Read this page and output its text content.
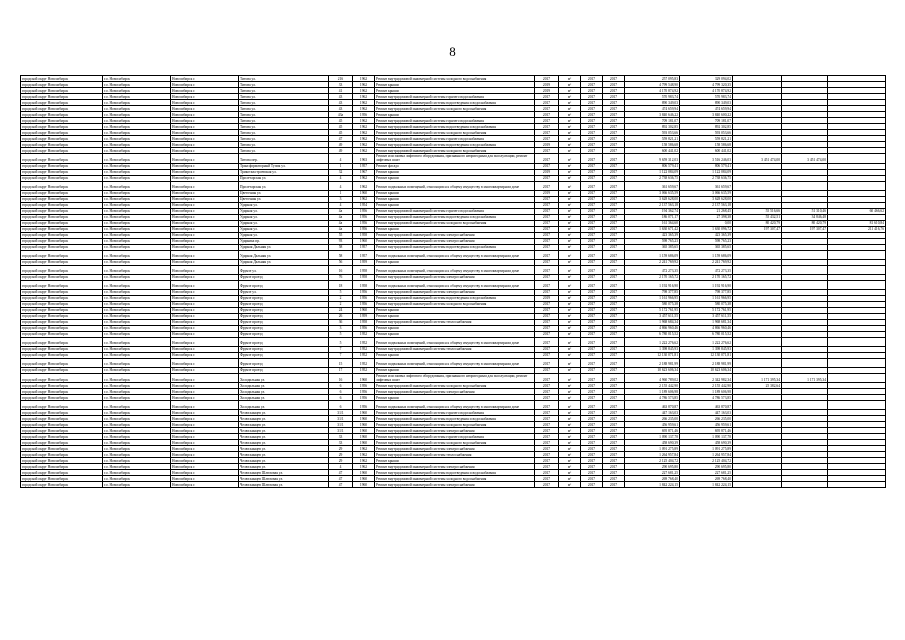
8
городской округ Новосибирск	г.о. Новосибирск	Новосибирск г.	Титова ул.	216	1962	Ремонт внутридомовой инженерной системы холодного водоснабжения	2017	м²	2017	2017	257 095,83	329 094,02			
городской округ Новосибирск	г.о. Новосибирск	Новосибирск г.	Титова ул.	33	1962	Ремонт крыши	2019	м²	2017	2017	4 799 548,90	4 799 320,35			
городской округ Новосибирск	г.о. Новосибирск	Новосибирск г.	Титова ул.	41	1962	Ремонт крыши	2019	м²	2017	2017	4 170 874,92	4 170 874,92			
городской округ Новосибирск	г.о. Новосибирск	Новосибирск г.	Титова ул.	43	1962	Ремонт внутридомовой инженерной системы горячего водоснабжения	2017	м²	2017	2017	570 983,74	570 983,74			
городской округ Новосибирск	г.о. Новосибирск	Новосибирск г.	Титова ул.	43	1962	Ремонт внутридомовой инженерной системы водоотведения и водоснабжения	2017	м²	2017	2017	890 349,03	890 349,03			
городской округ Новосибирск	г.о. Новосибирск	Новосибирск г.	Титова ул.	43	1962	Ремонт внутридомовой инженерной системы холодного водоснабжения	2017	м²	2017	2017	474 659,94	474 659,94			
городской округ Новосибирск	г.о. Новосибирск	Новосибирск г.	Титова ул.	43а	1956	Ремонт крыши	2017	м²	2017	2017	3 840 646,22	3 840 600,22			
городской округ Новосибирск	г.о. Новосибирск	Новосибирск г.	Титова ул.	45	1962	Ремонт внутридомовой инженерной системы горячего водоснабжения	2017	м²	2017	2017	709 181,07	709 181,07			
городской округ Новосибирск	г.о. Новосибирск	Новосибирск г.	Титова ул.	45	1962	Ремонт внутридомовой инженерной системы водоотведения и водоснабжения	2017	м²	2017	2017	892 302,85	892 302,85			
городской округ Новосибирск	г.о. Новосибирск	Новосибирск г.	Титова ул.	45	1962	Ремонт внутридомовой инженерной системы холодного водоснабжения	2017	м²	2017	2017	593 053,66	593 053,66			
городской округ Новосибирск	г.о. Новосибирск	Новосибирск г.	Титова ул.	47	1962	Ремонт внутридомовой инженерной системы горячего водоснабжения	2017	м²	2017	2017	559 821,21	559 821,21			
городской округ Новосибирск	г.о. Новосибирск	Новосибирск г.	Титова ул.	49	1962	Ремонт внутридомовой инженерной системы водоотведения и водоснабжения	2019	м²	2017	2017	158 586,68	158 586,68			
городской округ Новосибирск	г.о. Новосибирск	Новосибирск г.	Титова ул.	49	1962	Ремонт внутридомовой инженерной системы холодного водоснабжения	2017	м²	2017	2017	600 441,02	600 441,02			
городской округ Новосибирск	г.о. Новосибирск	Новосибирск г.	Титова пер.	4	1963	Ремонт или замена лифтового оборудования, признанного непригодным для эксплуатации, ремонт лифтовых шахт	2017	м²	2017	2017	9 659 312,03	3 516 246,03	3 451 474,00	3 451 474,00	
городской округ Новосибирск	г.о. Новосибирск	Новосибирск г.	Трансформаторный Тупик ул.	1	1957	Ремонт фасада	2017	м²	2017	2017	806 579,41	806 579,41			
городской округ Новосибирск	г.о. Новосибирск	Новосибирск г.	Трикотажстроевская ул.	32	1967	Ремонт крыши	2019	м²	2017	2017	1 122 084,09	1 122 084,09			
городской округ Новосибирск	г.о. Новосибирск	Новосибирск г.	Пролетарская ул.	4	1962	Ремонт крыши	2017	м²	2017	2017	2 738 636,75	2 738 636,75			
городской округ Новосибирск	г.о. Новосибирск	Новосибирск г.	Пролетарская ул.	4	1962	Ремонт подвальных помещений, относящихся к общему имуществу в многоквартирном доме	2017	м²	2017	2017	361 659,67	361 659,67			
городской округ Новосибирск	г.о. Новосибирск	Новосибирск г.	Цветочная ул.	1	1960	Ремонт крыши	2019	м²	2017	2017	3 066 635,59	3 066 635,59			
городской округ Новосибирск	г.о. Новосибирск	Новосибирск г.	Цветочная ул.	3	1962	Ремонт крыши	2017	м²	2017	2017	3 628 628,00	3 628 628,00			
городской округ Новосибирск	г.о. Новосибирск	Новосибирск г.	Ударная ул.	4	1954	Ремонт крыши	2017	м²	2017	2017	2 137 563,18	2 137 563,18			
городской округ Новосибирск	г.о. Новосибирск	Новосибирск г.	Ударная ул.	4а	1956	Ремонт внутридомовой инженерной системы горячего водоснабжения	2017	м²	2017	2017	194 362,74	21 268,45	55 516,66	51 310,46	60 466,62
городской округ Новосибирск	г.о. Новосибирск	Новосибирск г.	Ударная ул.	4а	1956	Ремонт внутридомовой инженерной системы водоотведения и водоснабжения	2017	м²	2017	2017	186 071,17	27 398,38	55 432,51	34 846,48	
городской округ Новосибирск	г.о. Новосибирск	Новосибирск г.	Ударная ул.	4а	1956	Ремонт внутридомовой инженерной системы холодного водоснабжения	2017	м²	2017	2017	161 364,60	0,00	80 420,79	80 420,79	81 610,84
городской округ Новосибирск	г.о. Новосибирск	Новосибирск г.	Ударная ул.	4а	1956	Ремонт крыши	2017	м²	2017	2017	1 630 671,42	1 630 096,72	197 307,47	197 307,47	211 416,76
городской округ Новосибирск	г.о. Новосибирск	Новосибирск г.	Ударная ул.	55	1958	Ремонт внутридомовой инженерной системы электроснабжения	2017	м²	2017	2017	423 365,39	423 365,39			
городской округ Новосибирск	г.о. Новосибирск	Новосибирск г.	Ударника пр.	93	1960	Ремонт внутридомовой инженерной системы электроснабжения	2017	м²	2017	2017	598 765,23	598 765,23			
городской округ Новосибирск	г.о. Новосибирск	Новосибирск г.	Ударная Дальняя ул.	58	1957	Ремонт внутридомовой инженерной системы водоотведения и водоснабжения	2017	м²	2017	2017	365 385,65	365 385,65			
городской округ Новосибирск	г.о. Новосибирск	Новосибирск г.	Ударная Дальняя ул.	58	1957	Ремонт подвальных помещений, относящихся к общему имуществу в многоквартирном доме	2017	м²	2017	2017	1 159 686,09	1 159 686,09			
городской округ Новосибирск	г.о. Новосибирск	Новосибирск г.	Ударная Дальняя ул.	56	1959	Ремонт крыши	2017	м²	2017	2017	2 241 769,92	2 241 769,92			
городской округ Новосибирск	г.о. Новосибирск	Новосибирск г.	Фрунзе ул.	16	1958	Ремонт подвальных помещений, относящихся к общему имуществу в многоквартирном доме	2017	м²	2017	2017	472 273,35	472 273,35			
городской округ Новосибирск	г.о. Новосибирск	Новосибирск г.	Фрунзе проезд	76	1958	Ремонт внутридомовой инженерной системы электроснабжения	2017	м²	2017	2017	2 170 165,72	2 170 165,72			
городской округ Новосибирск	г.о. Новосибирск	Новосибирск г.	Фрунзе проезд	18	1958	Ремонт подвальных помещений, относящихся к общему имуществу в многоквартирном доме	2017	м²	2017	2017	1 192 916,90	1 192 916,90			
городской округ Новосибирск	г.о. Новосибирск	Новосибирск г.	Фрунзе ул.	5	1956	Ремонт внутридомовой инженерной системы электроснабжения	2017	м²	2017	2017	798 377,85	798 377,85			
городской округ Новосибирск	г.о. Новосибирск	Новосибирск г.	Фрунзе проезд	2	1956	Ремонт внутридомовой инженерной системы водоотведения и водоснабжения	2019	м²	2017	2017	1 161 966,95	1 161 966,95			
городской округ Новосибирск	г.о. Новосибирск	Новосибирск г.	Фрунзе проезд	2	1956	Ремонт внутридомовой инженерной системы холодного водоснабжения	2017	м²	2017	2017	580 075,38	580 075,38			
городской округ Новосибирск	г.о. Новосибирск	Новосибирск г.	Фрунзе проезд	24	1960	Ремонт крыши	2017	м²	2017	2017	5 172 761,95	5 172 761,95			
городской округ Новосибирск	г.о. Новосибирск	Новосибирск г.	Фрунзе проезд	26	1959	Ремонт крыши	2017	м²	2017	2017	3 457 611,55	3 457 611,55			
городской округ Новосибирск	г.о. Новосибирск	Новосибирск г.	Фрунзе проезд	36	1958	Ремонт внутридомовой инженерной системы теплоснабжения	2017	м²	2017	2017	1 968 684,34	1 968 681,34			
городской округ Новосибирск	г.о. Новосибирск	Новосибирск г.	Фрунзе проезд	3	1956	Ремонт крыши	2017	м²	2017	2017	4 866 960,46	4 866 960,46			
городской округ Новосибирск	г.о. Новосибирск	Новосибирск г.	Фрунзе проезд	5	1952	Ремонт крыши	2017	м²	2017	2017	6 780 015,52	6 780 015,52			
городской округ Новосибирск	г.о. Новосибирск	Новосибирск г.	Фрунзе проезд	5	1952	Ремонт подвальных помещений, относящихся к общему имуществу в многоквартирном доме	2017	м²	2017	2017	1 222 276,62	1 222 276,62			
городской округ Новосибирск	г.о. Новосибирск	Новосибирск г.	Фрунзе проезд	7	1952	Ремонт внутридомовой инженерной системы теплоснабжения	2017	м²	2017	2017	1 398 845,93	1 398 845,93			
городской округ Новосибирск	г.о. Новосибирск	Новосибирск г.	Фрунзе проезд	7	1952	Ремонт крыши	2017	м²	2017	2017	12 130 071,81	12 130 071,81			
городской округ Новосибирск	г.о. Новосибирск	Новосибирск г.	Фрунзе проезд	15	1952	Ремонт подвальных помещений, относящихся к общему имуществу в многоквартирном доме	2017	м²	2017	2017	2 188 981,99	2 188 981,99			
городской округ Новосибирск	г.о. Новосибирск	Новосибирск г.	Фрунзе проезд	17	1952	Ремонт крыши	2017	м²	2017	2017	10 623 606,34	10 623 606,34			
городской округ Новосибирск	г.о. Новосибирск	Новосибирск г.	Холодильная ул.	16	1960	Ремонт или замена лифтового оборудования, признанного непригодным для эксплуатации, ремонт лифтовых шахт	2017	м²	2017	2017	4 960 789,02	2 342 982,34	1 171 395,34	1 171 395,34	
городской округ Новосибирск	г.о. Новосибирск	Новосибирск г.	Холодильная ул.	6	1956	Ремонт внутридомовой инженерной системы холодного водоснабжения	2017	м²	2017	2017	2 155 442,90	2 155 442,90	25 382,64		
городской округ Новосибирск	г.о. Новосибирск	Новосибирск г.	Холодильная ул.	6	1956	Ремонт внутридомовой инженерной системы электроснабжения	2017	м²	2017	2017	1 189 606,98	1 189 606,98			
городской округ Новосибирск	г.о. Новосибирск	Новосибирск г.	Холодильная ул.	6	1956	Ремонт крыши	2017	м²	2017	2017	4 786 573,85	4 786 573,85			
городской округ Новосибирск	г.о. Новосибирск	Новосибирск г.	Холодильная ул.	6	1956	Ремонт подвальных помещений, относящихся к общему имуществу в многоквартирном доме	2017	м²	2017	2017	463 870,87	463 870,87			
городской округ Новосибирск	г.о. Новосибирск	Новосибирск г.	Челюскинцев ул.	31/1	1960	Ремонт внутридомовой инженерной системы горячего водоснабжения	2017	м²	2017	2017	447 163,03	447 163,03			
городской округ Новосибирск	г.о. Новосибирск	Новосибирск г.	Челюскинцев ул.	31/1	1960	Ремонт внутридомовой инженерной системы водоотведения и водоснабжения	2017	м²	2017	2017	266 235,00	266 235,00			
городской округ Новосибирск	г.о. Новосибирск	Новосибирск г.	Челюскинцев ул.	31/1	1960	Ремонт внутридомовой инженерной системы холодного водоснабжения	2017	м²	2017	2017	456 959,61	456 959,61			
городской округ Новосибирск	г.о. Новосибирск	Новосибирск г.	Челюскинцев ул.	31/1	1960	Ремонт внутридомовой инженерной системы электроснабжения	2017	м²	2017	2017	695 871,46	695 871,46			
городской округ Новосибирск	г.о. Новосибирск	Новосибирск г.	Челюскинцев ул.	33	1960	Ремонт внутридомовой инженерной системы горячего водоснабжения	2017	м²	2017	2017	1 090 137,78	1 090 137,78			
городской округ Новосибирск	г.о. Новосибирск	Новосибирск г.	Челюскинцев ул.	33	1960	Ремонт внутридомовой инженерной системы холодного водоснабжения	2017	м²	2017	2017	458 690,39	458 690,39			
городской округ Новосибирск	г.о. Новосибирск	Новосибирск г.	Челюскинцев ул.	29	1962	Ремонт внутридомовой инженерной системы электроснабжения	2017	м²	2017	2017	1 091 275,89	1 091 275,89			
городской округ Новосибирск	г.о. Новосибирск	Новосибирск г.	Челюскинцев ул.	29	1962	Ремонт внутридомовой инженерной системы теплоснабжения	2017	м²	2017	2017	1 264 957,84	1 264 957,84			
городской округ Новосибирск	г.о. Новосибирск	Новосибирск г.	Челюскинцев ул.	29	1962	Ремонт крыши	2017	м²	2017	2017	2 125 404,72	2 125 404,72			
городской округ Новосибирск	г.о. Новосибирск	Новосибирск г.	Челюскинцев ул.	4	1962	Ремонт внутридомовой инженерной системы электроснабжения	2017	м²	2017	2017	290 695,80	290 695,80			
городской округ Новосибирск	г.о. Новосибирск	Новосибирск г.	Челюскинцев Шлюзовая ул.	47	1960	Ремонт внутридомовой инженерной системы водоотведения и водоснабжения	2017	м²	2017	2017	227 681,25	227 681,25			
городской округ Новосибирск	г.о. Новосибирск	Новосибирск г.	Челюскинцев Шлюзовая ул.	47	1960	Ремонт внутридомовой инженерной системы холодного водоснабжения	2017	м²	2017	2017	269 768,40	269 768,40			
городской округ Новосибирск	г.о. Новосибирск	Новосибирск г.	Челюскинцев Шлюзовая ул.	47	1960	Ремонт внутридомовой инженерной системы электроснабжения	2017	м²	2017	2017	1 842 224,15	1 842 224,15			
